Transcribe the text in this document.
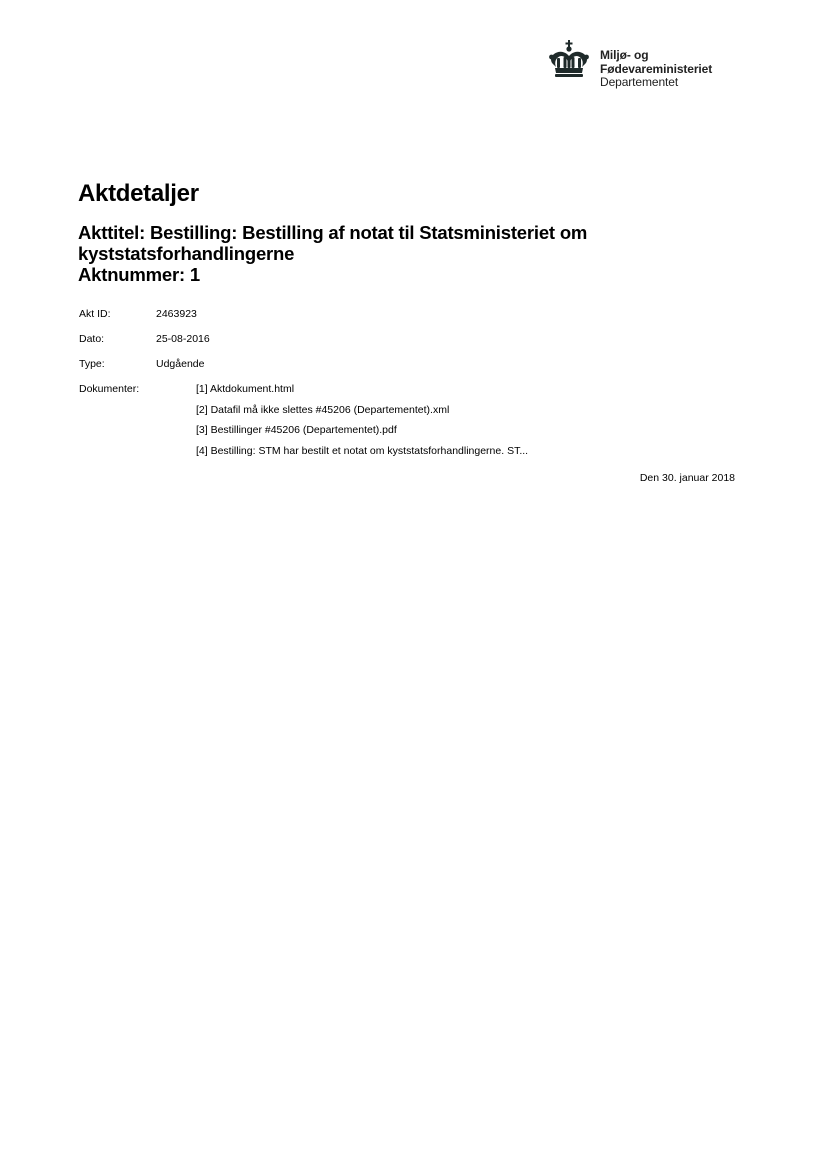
Miljø- og
Fødevareministeriet
Departementet
Aktdetaljer
Akttitel: Bestilling: Bestilling af notat til Statsministeriet om
kyststatsforhandlingerne
Aktnummer: 1
Akt ID:	2463923
Dato:	25-08-2016
Type:	Udgående
Dokumenter:	[1] Aktdokument.html
[2] Datafil må ikke slettes #45206 (Departementet).xml
[3] Bestillinger #45206 (Departementet).pdf
[4] Bestilling: STM har bestilt et notat om kyststatsforhandlingerne. ST...
Den 30. januar 2018
